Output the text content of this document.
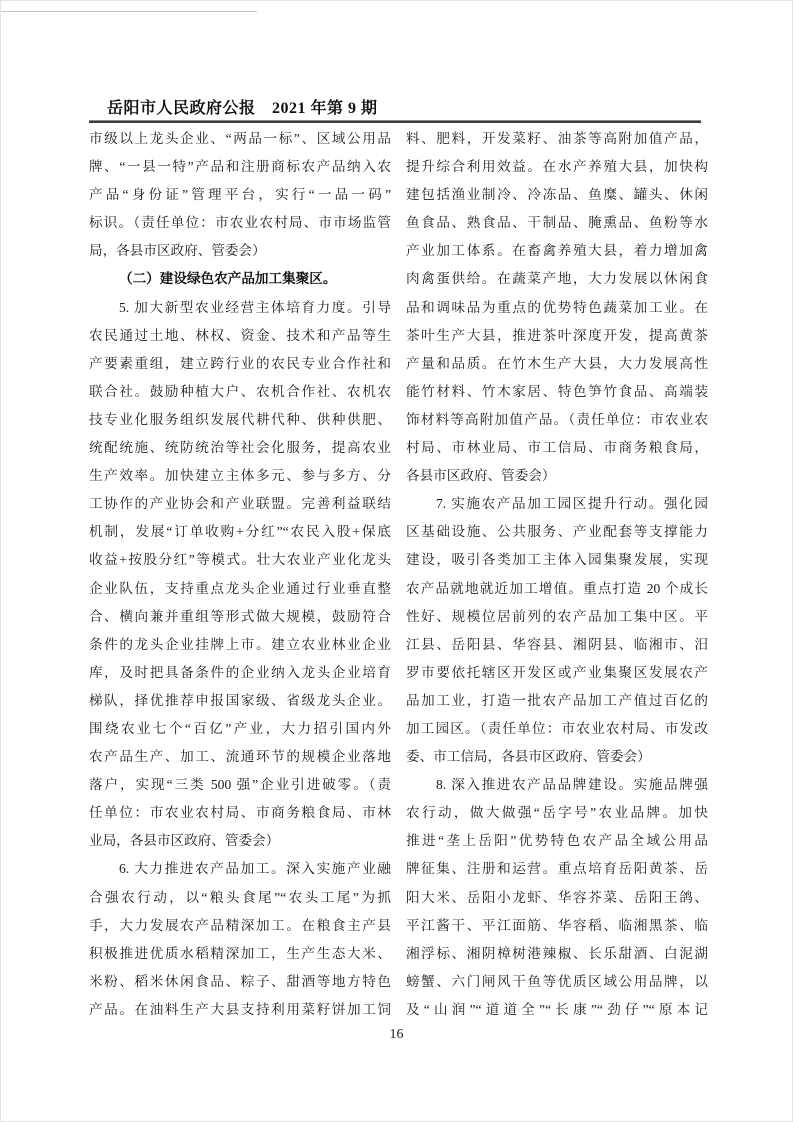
岳阳市人民政府公报　2021 年第 9 期
市级以上龙头企业、“两品一标”、区域公用品
牌、“一县一特”产品和注册商标农产品纳入农
产品“身份证”管理平台，实行“一品一码”
标识。（责任单位：市农业农村局、市市场监管
局，各县市区政府、管委会）
（二）建设绿色农产品加工集聚区。
5. 加大新型农业经营主体培育力度。引导
农民通过土地、林权、资金、技术和产品等生
产要素重组，建立跨行业的农民专业合作社和
联合社。鼓励种植大户、农机合作社、农机农
技专业化服务组织发展代耕代种、供种供肥、
统配统施、统防统治等社会化服务，提高农业
生产效率。加快建立主体多元、参与多方、分
工协作的产业协会和产业联盟。完善利益联结
机制，发展“订单收购+分红”“农民入股+保底
收益+按股分红”等模式。壮大农业产业化龙头
企业队伍，支持重点龙头企业通过行业垂直整
合、横向兼并重组等形式做大规模，鼓励符合
条件的龙头企业挂牌上市。建立农业林业企业
库，及时把具备条件的企业纳入龙头企业培育
梯队，择优推荐申报国家级、省级龙头企业。
围绕农业七个“百亿”产业，大力招引国内外
农产品生产、加工、流通环节的规模企业落地
落户，实现“三类 500 强”企业引进破零。（责
任单位：市农业农村局、市商务粮食局、市林
业局，各县市区政府、管委会）
6. 大力推进农产品加工。深入实施产业融
合强农行动，以“粮头食尾”“农头工尾”为抓
手，大力发展农产品精深加工。在粮食主产县
积极推进优质水稻精深加工，生产生态大米、
米粉、稻米休闲食品、粽子、甜酒等地方特色
产品。在油料生产大县支持利用菜籽饼加工饲
料、肥料，开发菜籽、油茶等高附加值产品，
提升综合利用效益。在水产养殖大县，加快构
建包括渔业制冷、冷冻品、鱼糜、罐头、休闲
鱼食品、熟食品、干制品、腌熏品、鱼粉等水
产业加工体系。在畜禽养殖大县，着力增加禽
肉禽蛋供给。在蔬菜产地，大力发展以休闲食
品和调味品为重点的优势特色蔬菜加工业。在
茶叶生产大县，推进茶叶深度开发，提高黄茶
产量和品质。在竹木生产大县，大力发展高性
能竹材料、竹木家居、特色笋竹食品、高端装
饰材料等高附加值产品。（责任单位：市农业农
村局、市林业局、市工信局、市商务粮食局，
各县市区政府、管委会）
7. 实施农产品加工园区提升行动。强化园
区基础设施、公共服务、产业配套等支撑能力
建设，吸引各类加工主体入园集聚发展，实现
农产品就地就近加工增值。重点打造 20 个成长
性好、规模位居前列的农产品加工集中区。平
江县、岳阳县、华容县、湘阴县、临湘市、汨
罗市要依托辖区开发区或产业集聚区发展农产
品加工业，打造一批农产品加工产值过百亿的
加工园区。（责任单位：市农业农村局、市发改
委、市工信局，各县市区政府、管委会）
8. 深入推进农产品品牌建设。实施品牌强
农行动，做大做强“岳字号”农业品牌。加快
推进“垄上岳阳”优势特色农产品全域公用品
牌征集、注册和运营。重点培育岳阳黄茶、岳
阳大米、岳阳小龙虾、华容芥菜、岳阳王鸽、
平江酱干、平江面筋、华容稻、临湘黑茶、临
湘浮标、湘阴樟树港辣椒、长乐甜酒、白泥湖
螃蟹、六门闸风干鱼等优质区域公用品牌，以
及“山润”“道道全”“长康”“劲仔”“原本记
16
